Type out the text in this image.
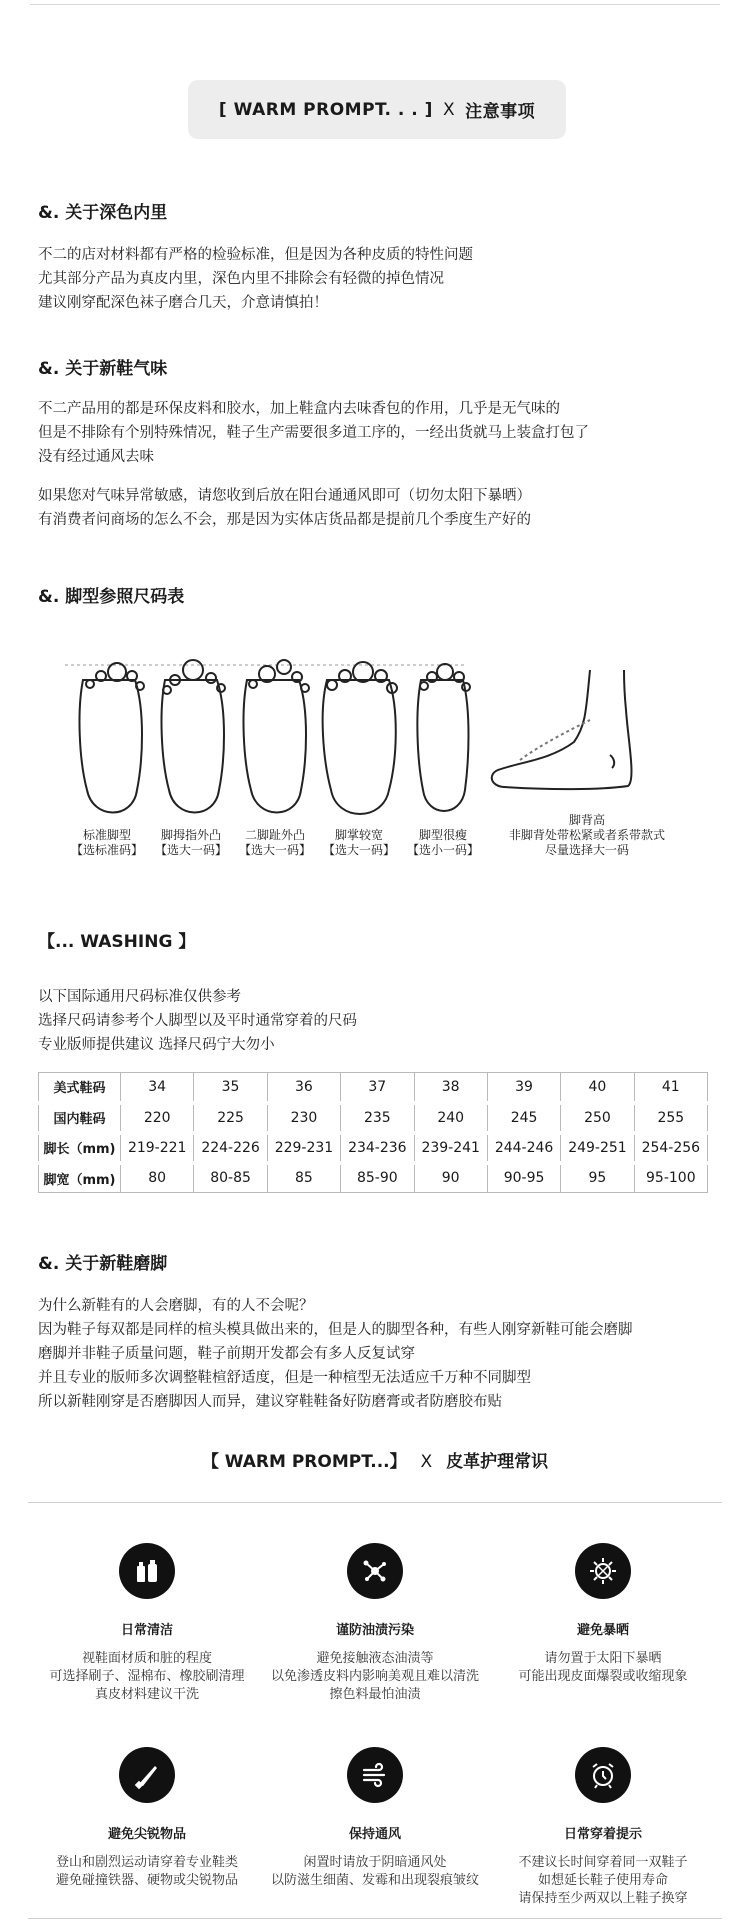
[ WARM PROMPT. . . ] X 注意事项
&. 关于深色内里
不二的店对材料都有严格的检验标准，但是因为各种皮质的特性问题
尤其部分产品为真皮内里，深色内里不排除会有轻微的掉色情况
建议刚穿配深色袜子磨合几天，介意请慎拍！
&. 关于新鞋气味
不二产品用的都是环保皮料和胶水，加上鞋盒内去味香包的作用，几乎是无气味的
但是不排除有个别特殊情况，鞋子生产需要很多道工序的，一经出货就马上装盒打包了
没有经过通风去味
如果您对气味异常敏感，请您收到后放在阳台通通风即可（切勿太阳下暴晒）
有消费者问商场的怎么不会，那是因为实体店货品都是提前几个季度生产好的
&. 脚型参照尺码表
标准脚型
【选标准码】
脚拇指外凸
【选大一码】
二脚趾外凸
【选大一码】
脚掌较宽
【选大一码】
脚型很瘦
【选小一码】
脚背高
非脚背处带松紧或者系带款式
尽量选择大一码
【... WASHING 】
以下国际通用尺码标准仅供参考
选择尺码请参考个人脚型以及平时通常穿着的尺码
专业版师提供建议 选择尺码宁大勿小
美式鞋码	34	35	36	37	38	39	40	41
国内鞋码	220	225	230	235	240	245	250	255
脚长（mm)	219-221	224-226	229-231	234-236	239-241	244-246	249-251	254-256
脚宽（mm)	80	80-85	85	85-90	90	90-95	95	95-100
&. 关于新鞋磨脚
为什么新鞋有的人会磨脚，有的人不会呢？
因为鞋子每双都是同样的楦头模具做出来的，但是人的脚型各种，有些人刚穿新鞋可能会磨脚
磨脚并非鞋子质量问题，鞋子前期开发都会有多人反复试穿
并且专业的版师多次调整鞋楦舒适度，但是一种楦型无法适应千万种不同脚型
所以新鞋刚穿是否磨脚因人而异，建议穿鞋鞋备好防磨膏或者防磨胶布贴
【 WARM PROMPT...】 X 皮革护理常识
日常清洁
视鞋面材质和脏的程度
可选择刷子、湿棉布、橡胶刷清理
真皮材料建议干洗
谨防油渍污染
避免接触液态油渍等
以免渗透皮料内影响美观且难以清洗
擦色料最怕油渍
避免暴晒
请勿置于太阳下暴晒
可能出现皮面爆裂或收缩现象
避免尖锐物品
登山和剧烈运动请穿着专业鞋类
避免碰撞铁器、硬物或尖锐物品
保持通风
闲置时请放于阴暗通风处
以防滋生细菌、发霉和出现裂痕皱纹
日常穿着提示
不建议长时间穿着同一双鞋子
如想延长鞋子使用寿命
请保持至少两双以上鞋子换穿
